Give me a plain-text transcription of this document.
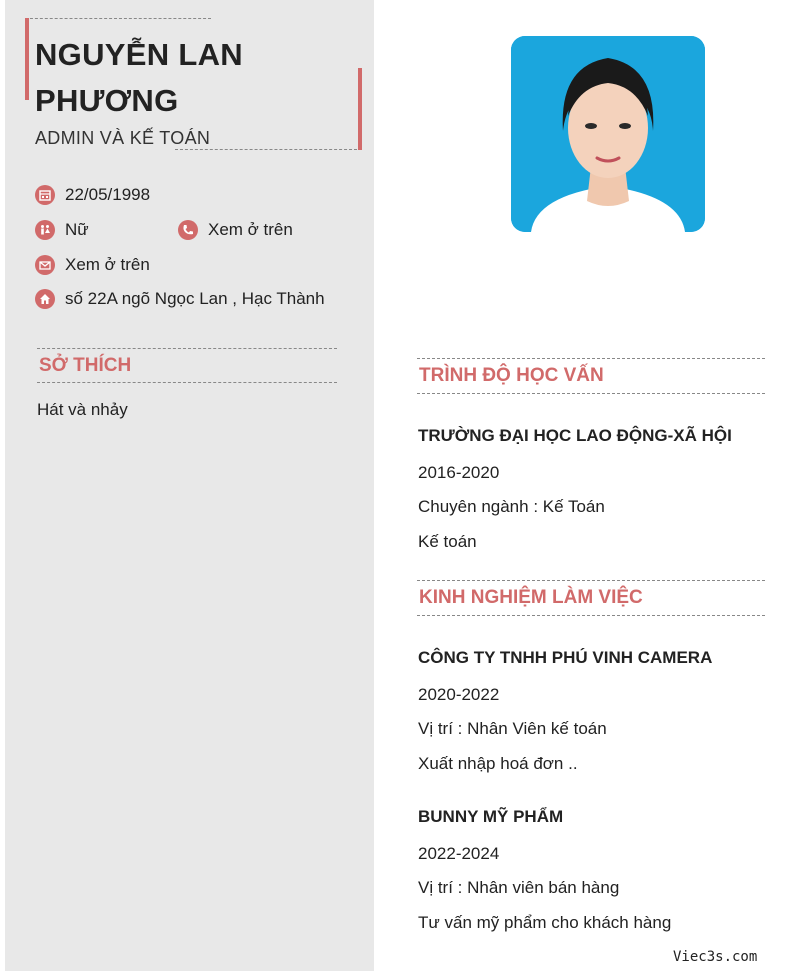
NGUYỄN LAN PHƯƠNG
ADMIN VÀ KẾ TOÁN
22/05/1998
Nữ	Xem ở trên
Xem ở trên
số 22A ngõ Ngọc Lan , Hạc Thành
SỞ THÍCH
Hát và nhảy
TRÌNH ĐỘ HỌC VẤN
TRƯỜNG ĐẠI HỌC LAO ĐỘNG-XÃ HỘI
2016-2020
Chuyên ngành : Kế Toán
Kế toán
KINH NGHIỆM LÀM VIỆC
CÔNG TY TNHH PHÚ VINH CAMERA
2020-2022
Vị trí : Nhân Viên kế toán
Xuất nhập hoá đơn ..
BUNNY MỸ PHẨM
2022-2024
Vị trí : Nhân viên bán hàng
Tư vấn mỹ phẩm cho khách hàng
Viec3s.com
